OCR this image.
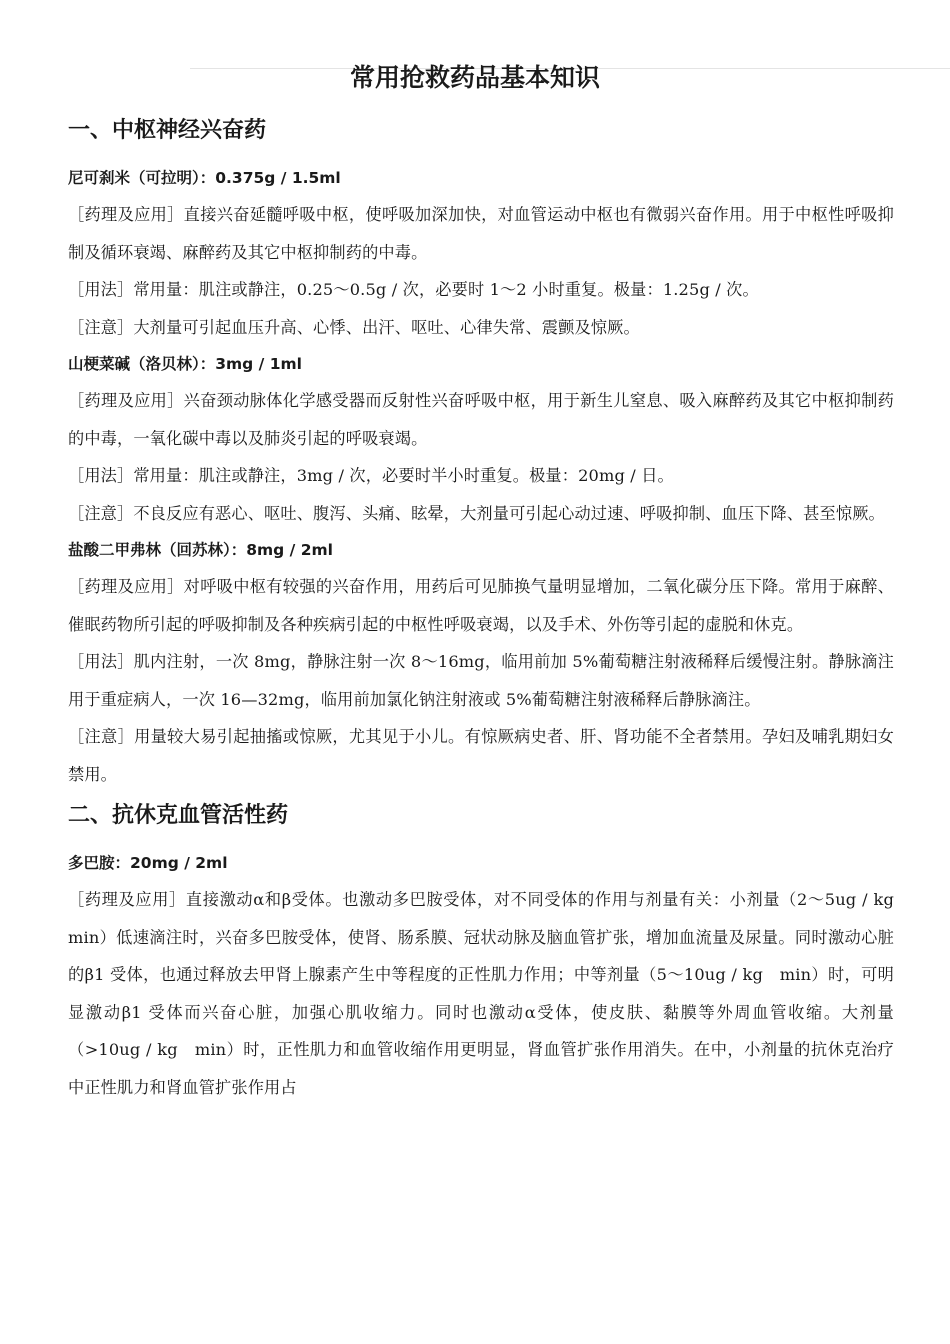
常用抢救药品基本知识
一、中枢神经兴奋药

尼可刹米（可拉明）：0.375g / 1.5ml

［药理及应用］直接兴奋延髓呼吸中枢，使呼吸加深加快，对血管运动中枢也有微弱兴奋作用。用于中枢性呼吸抑制及循环衰竭、麻醉药及其它中枢抑制药的中毒。

［用法］常用量：肌注或静注，0.25～0.5g / 次，必要时 1～2 小时重复。极量：1.25g / 次。

［注意］大剂量可引起血压升高、心悸、出汗、呕吐、心律失常、震颤及惊厥。

山梗菜碱（洛贝林）：3mg / 1ml

［药理及应用］兴奋颈动脉体化学感受器而反射性兴奋呼吸中枢，用于新生儿窒息、吸入麻醉药及其它中枢抑制药的中毒，一氧化碳中毒以及肺炎引起的呼吸衰竭。

［用法］常用量：肌注或静注，3mg / 次，必要时半小时重复。极量：20mg / 日。

［注意］不良反应有恶心、呕吐、腹泻、头痛、眩晕，大剂量可引起心动过速、呼吸抑制、血压下降、甚至惊厥。

盐酸二甲弗林（回苏林）：8mg / 2ml

［药理及应用］对呼吸中枢有较强的兴奋作用，用药后可见肺换气量明显增加，二氧化碳分压下降。常用于麻醉、催眠药物所引起的呼吸抑制及各种疾病引起的中枢性呼吸衰竭，以及手术、外伤等引起的虚脱和休克。

［用法］肌内注射，一次 8mg，静脉注射一次 8～16mg，临用前加 5%葡萄糖注射液稀释后缓慢注射。静脉滴注用于重症病人，一次 16—32mg，临用前加氯化钠注射液或 5%葡萄糖注射液稀释后静脉滴注。

［注意］用量较大易引起抽搐或惊厥，尤其见于小儿。有惊厥病史者、肝、肾功能不全者禁用。孕妇及哺乳期妇女禁用。

二、抗休克血管活性药

多巴胺：20mg / 2ml

［药理及应用］直接激动α和β受体。也激动多巴胺受体，对不同受体的作用与剂量有关：小剂量（2～5ug / kg　min）低速滴注时，兴奋多巴胺受体，使肾、肠系膜、冠状动脉及脑血管扩张，增加血流量及尿量。同时激动心脏的β1 受体，也通过释放去甲肾上腺素产生中等程度的正性肌力作用；中等剂量（5～10ug / kg　min）时，可明显激动β1 受体而兴奋心脏，加强心肌收缩力。同时也激动α受体，使皮肤、黏膜等外周血管收缩。大剂量（>10ug / kg　min）时，正性肌力和血管收缩作用更明显，肾血管扩张作用消失。在中，小剂量的抗休克治疗中正性肌力和肾血管扩张作用占
